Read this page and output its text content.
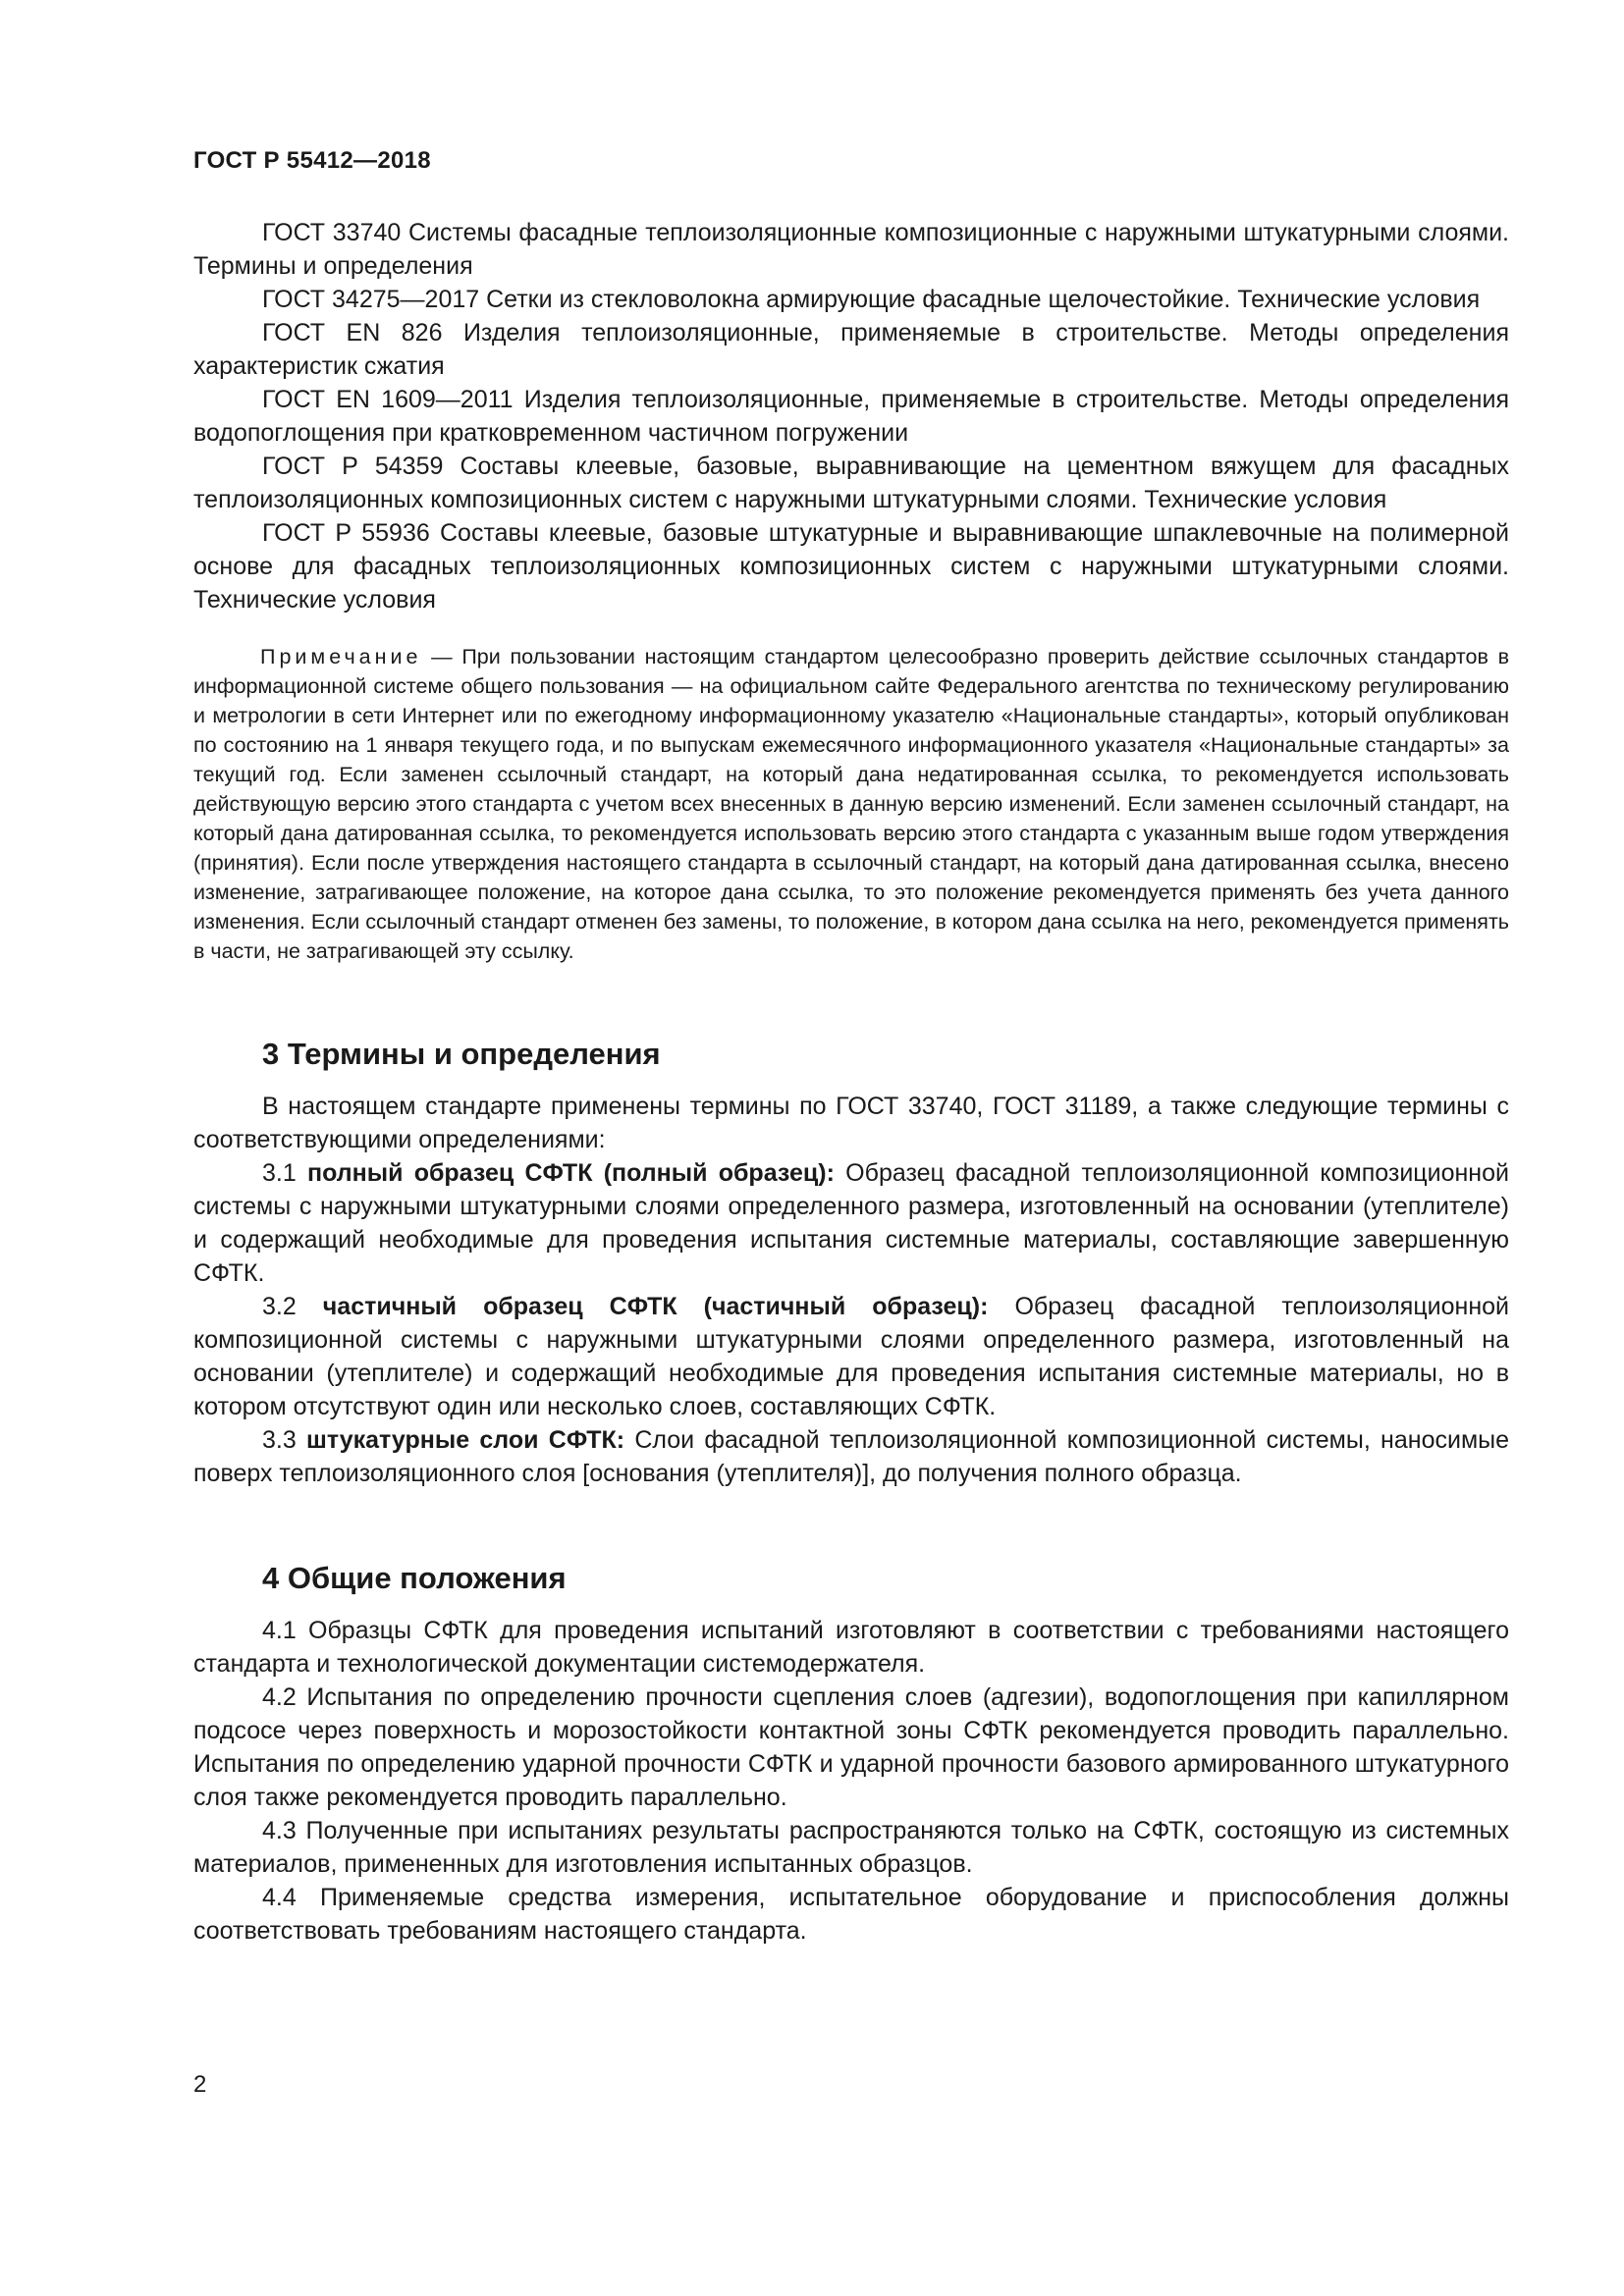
ГОСТ Р 55412—2018

ГОСТ 33740 Системы фасадные теплоизоляционные композиционные с наружными штукатурными слоями. Термины и определения

ГОСТ 34275—2017 Сетки из стекловолокна армирующие фасадные щелочестойкие. Технические условия

ГОСТ EN 826 Изделия теплоизоляционные, применяемые в строительстве. Методы определения характеристик сжатия

ГОСТ EN 1609—2011 Изделия теплоизоляционные, применяемые в строительстве. Методы определения водопоглощения при кратковременном частичном погружении

ГОСТ Р 54359 Составы клеевые, базовые, выравнивающие на цементном вяжущем для фасадных теплоизоляционных композиционных систем с наружными штукатурными слоями. Технические условия

ГОСТ Р 55936 Составы клеевые, базовые штукатурные и выравнивающие шпаклевочные на полимерной основе для фасадных теплоизоляционных композиционных систем с наружными штукатурными слоями. Технические условия

Примечание — При пользовании настоящим стандартом целесообразно проверить действие ссылочных стандартов в информационной системе общего пользования — на официальном сайте Федерального агентства по техническому регулированию и метрологии в сети Интернет или по ежегодному информационному указателю «Национальные стандарты», который опубликован по состоянию на 1 января текущего года, и по выпускам ежемесячного информационного указателя «Национальные стандарты» за текущий год. Если заменен ссылочный стандарт, на который дана недатированная ссылка, то рекомендуется использовать действующую версию этого стандарта с учетом всех внесенных в данную версию изменений. Если заменен ссылочный стандарт, на который дана датированная ссылка, то рекомендуется использовать версию этого стандарта с указанным выше годом утверждения (принятия). Если после утверждения настоящего стандарта в ссылочный стандарт, на который дана датированная ссылка, внесено изменение, затрагивающее положение, на которое дана ссылка, то это положение рекомендуется применять без учета данного изменения. Если ссылочный стандарт отменен без замены, то положение, в котором дана ссылка на него, рекомендуется применять в части, не затрагивающей эту ссылку.

3 Термины и определения

В настоящем стандарте применены термины по ГОСТ 33740, ГОСТ 31189, а также следующие термины с соответствующими определениями:

3.1 полный образец СФТК (полный образец): Образец фасадной теплоизоляционной композиционной системы с наружными штукатурными слоями определенного размера, изготовленный на основании (утеплителе) и содержащий необходимые для проведения испытания системные материалы, составляющие завершенную СФТК.

3.2 частичный образец СФТК (частичный образец): Образец фасадной теплоизоляционной композиционной системы с наружными штукатурными слоями определенного размера, изготовленный на основании (утеплителе) и содержащий необходимые для проведения испытания системные материалы, но в котором отсутствуют один или несколько слоев, составляющих СФТК.

3.3 штукатурные слои СФТК: Слои фасадной теплоизоляционной композиционной системы, наносимые поверх теплоизоляционного слоя [основания (утеплителя)], до получения полного образца.

4 Общие положения

4.1 Образцы СФТК для проведения испытаний изготовляют в соответствии с требованиями настоящего стандарта и технологической документации системодержателя.

4.2 Испытания по определению прочности сцепления слоев (адгезии), водопоглощения при капиллярном подсосе через поверхность и морозостойкости контактной зоны СФТК рекомендуется проводить параллельно. Испытания по определению ударной прочности СФТК и ударной прочности базового армированного штукатурного слоя также рекомендуется проводить параллельно.

4.3 Полученные при испытаниях результаты распространяются только на СФТК, состоящую из системных материалов, примененных для изготовления испытанных образцов.

4.4 Применяемые средства измерения, испытательное оборудование и приспособления должны соответствовать требованиям настоящего стандарта.

2
